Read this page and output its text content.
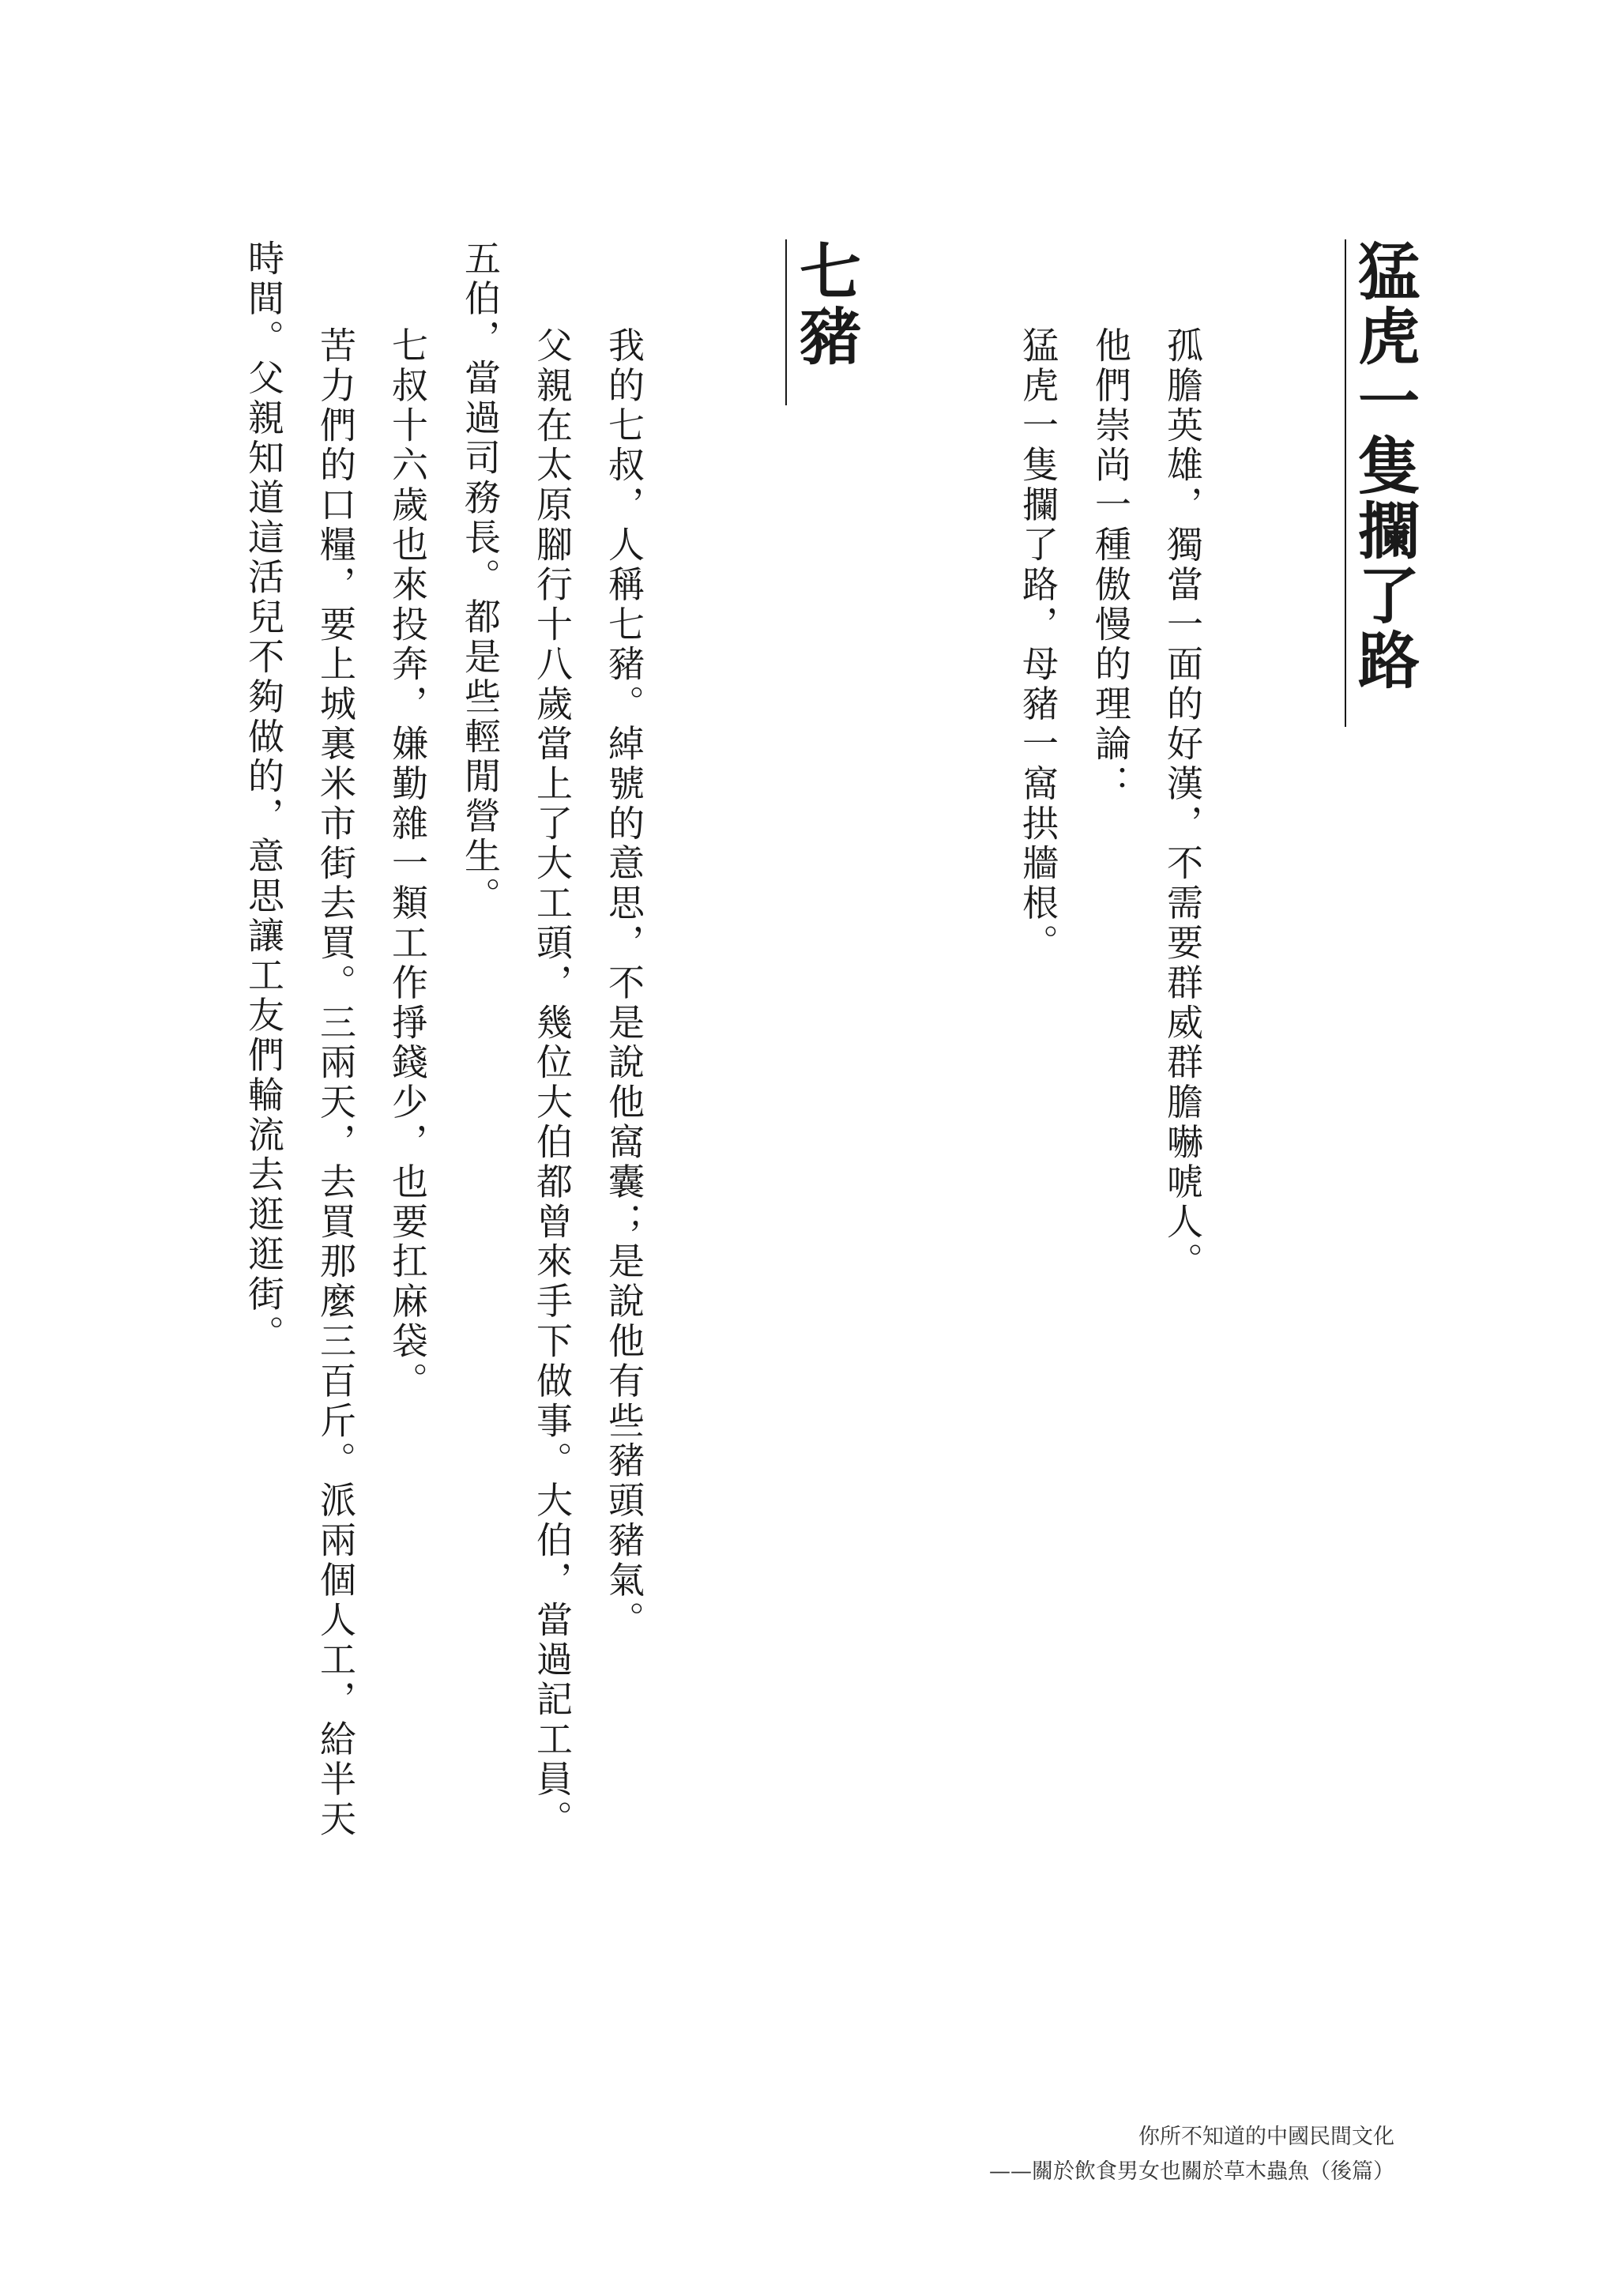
猛虎一隻攔了路
孤膽英雄，獨當一面的好漢，不需要群威群膽嚇唬人。
他們崇尚一種傲慢的理論：
猛虎一隻攔了路，母豬一窩拱牆根。
七豬
我的七叔，人稱七豬。綽號的意思，不是說他窩囊；是說他有些豬頭豬氣。
父親在太原腳行十八歲當上了大工頭，幾位大伯都曾來手下做事。大伯，當過記工員。
五伯，當過司務長。都是些輕閒營生。
七叔十六歲也來投奔，嫌勤雜一類工作掙錢少，也要扛麻袋。
苦力們的口糧，要上城裏米市街去買。三兩天，去買那麼三百斤。派兩個人工，給半天
時間。父親知道這活兒不夠做的，意思讓工友們輪流去逛逛街。
你所不知道的中國民間文化
——關於飲食男女也關於草木蟲魚（後篇）
